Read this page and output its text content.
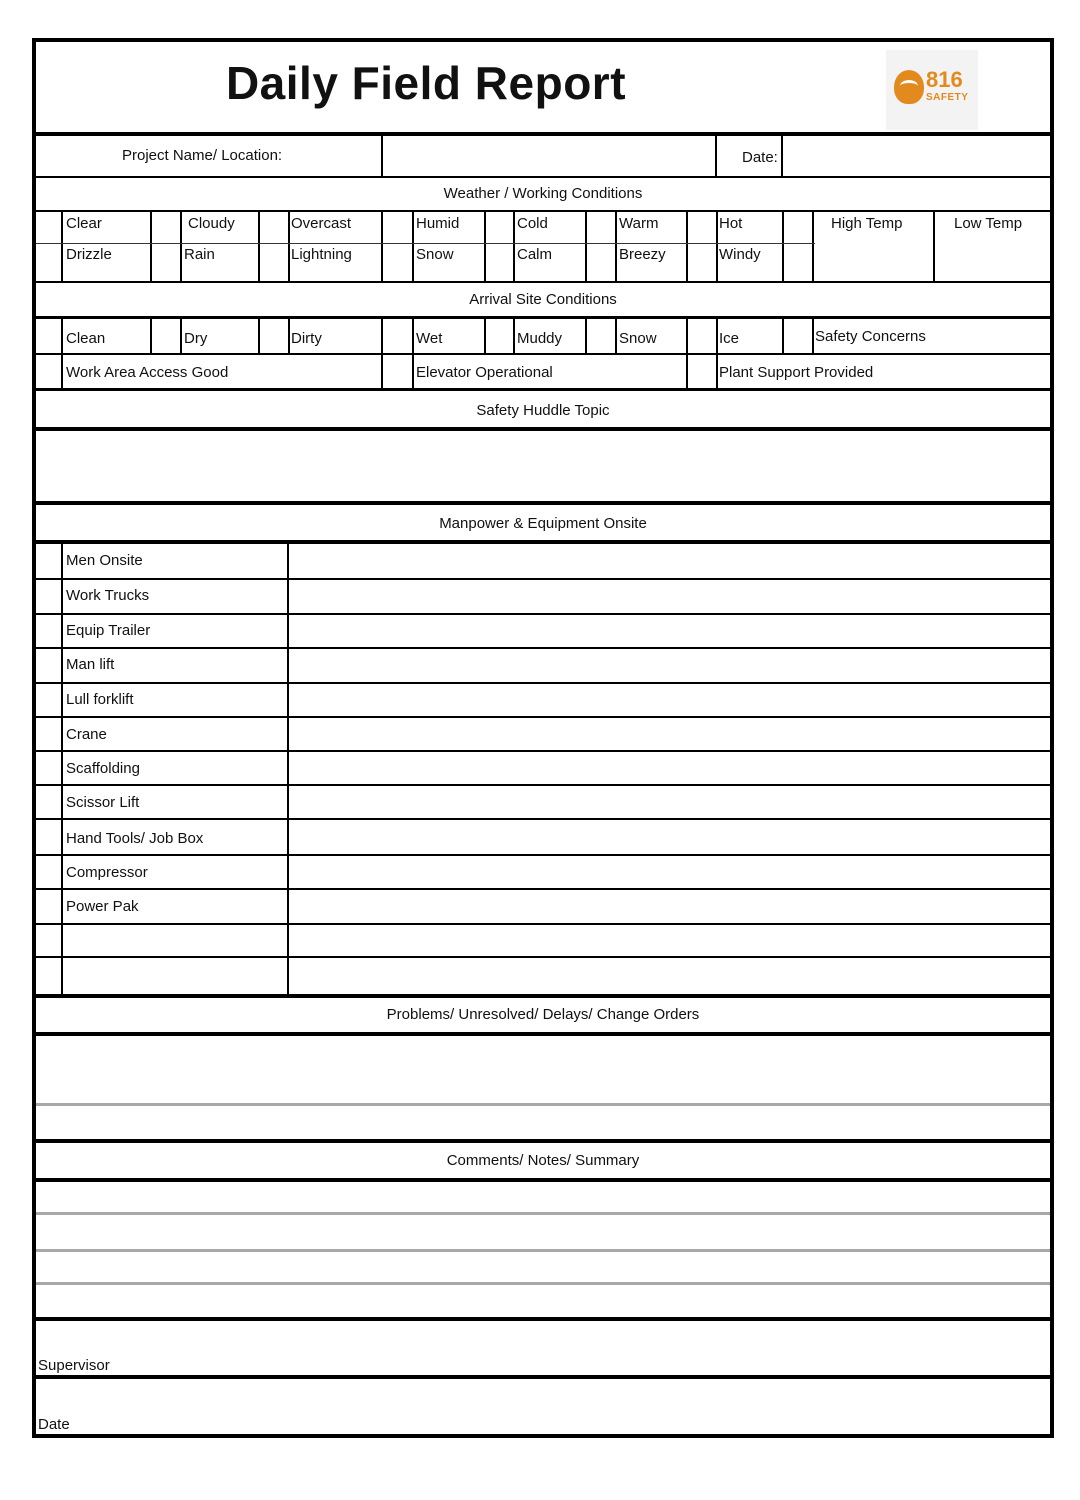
Daily Field Report	816
SAFETY
Project Name/ Location:	Date:
Weather / Working Conditions
Clear	Cloudy	Overcast	Humid	Cold	Warm	Hot	High Temp	Low Temp
Drizzle	Rain	Lightning	Snow	Calm	Breezy	Windy
Arrival Site Conditions
Clean	Dry	Dirty	Wet	Muddy	Snow	Ice	Safety Concerns
Work Area Access Good	Elevator Operational	Plant Support Provided
Safety Huddle Topic
Manpower & Equipment Onsite
Men Onsite
Work Trucks
Equip Trailer
Man lift
Lull forklift
Crane
Scaffolding
Scissor Lift
Hand Tools/ Job Box
Compressor
Power Pak
Problems/ Unresolved/ Delays/ Change Orders
Comments/ Notes/ Summary
Supervisor
Date
